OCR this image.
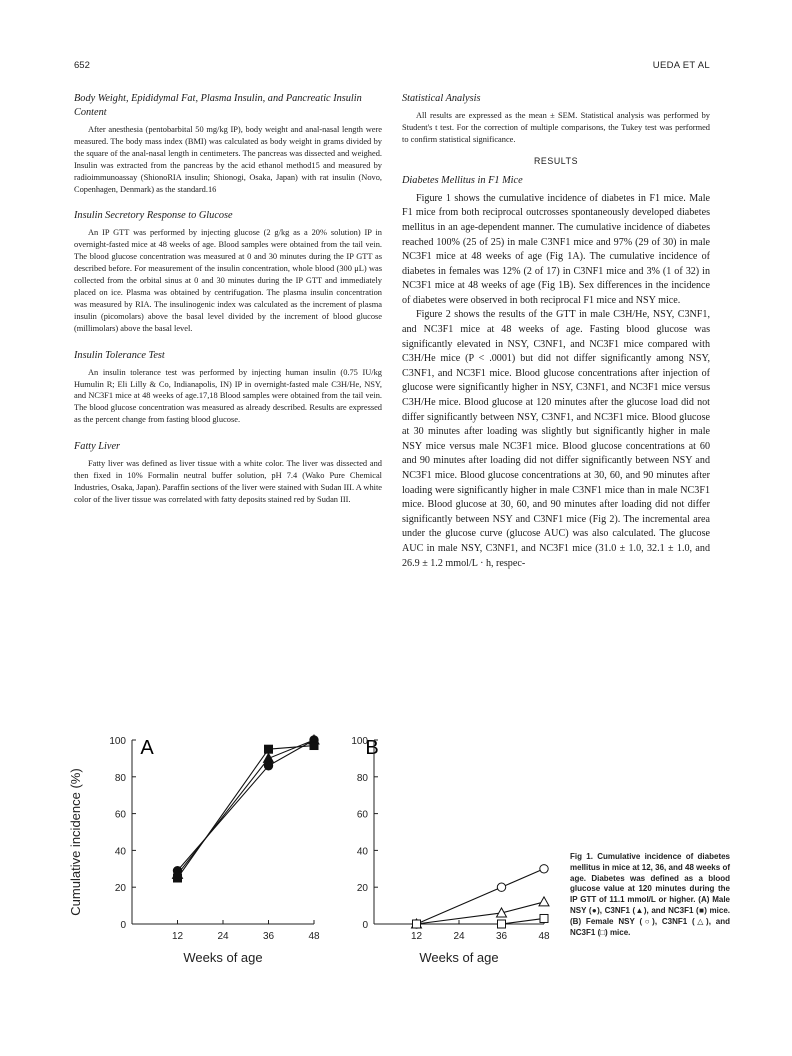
652	UEDA ET AL
Body Weight, Epididymal Fat, Plasma Insulin, and Pancreatic Insulin Content

After anesthesia (pentobarbital 50 mg/kg IP), body weight and anal-nasal length were measured. The body mass index (BMI) was calculated as body weight in grams divided by the square of the anal-nasal length in centimeters. The pancreas was dissected and weighed. Insulin was extracted from the pancreas by the acid ethanol method15 and measured by radioimmunoassay (ShionoRIA insulin; Shionogi, Osaka, Japan) with rat insulin (Novo, Copenhagen, Denmark) as the standard.16

Insulin Secretory Response to Glucose

An IP GTT was performed by injecting glucose (2 g/kg as a 20% solution) IP in overnight-fasted mice at 48 weeks of age. Blood samples were obtained from the tail vein. The blood glucose concentration was measured at 0 and 30 minutes during the IP GTT as described before. For measurement of the insulin concentration, whole blood (300 μL) was collected from the orbital sinus at 0 and 30 minutes during the IP GTT and immediately placed on ice. Plasma was obtained by centrifugation. The plasma insulin concentration was measured by RIA. The insulinogenic index was calculated as the increment of plasma insulin (picomolars) above the basal level divided by the increment of blood glucose (millimolars) above the basal level.

Insulin Tolerance Test

An insulin tolerance test was performed by injecting human insulin (0.75 IU/kg Humulin R; Eli Lilly & Co, Indianapolis, IN) IP in overnight-fasted male C3H/He, NSY, and NC3F1 mice at 48 weeks of age.17,18 Blood samples were obtained from the tail vein. The blood glucose concentration was measured as already described. Results are expressed as the percent change from fasting blood glucose.

Fatty Liver

Fatty liver was defined as liver tissue with a white color. The liver was dissected and then fixed in 10% Formalin neutral buffer solution, pH 7.4 (Wako Pure Chemical Industries, Osaka, Japan). Paraffin sections of the liver were stained with Sudan III. A white color of the liver tissue was correlated with fatty deposits stained red by Sudan III.

Statistical Analysis

All results are expressed as the mean ± SEM. Statistical analysis was performed by Student's t test. For the correction of multiple comparisons, the Tukey test was performed to confirm statistical significance.

RESULTS
Diabetes Mellitus in F1 Mice

Figure 1 shows the cumulative incidence of diabetes in F1 mice. Male F1 mice from both reciprocal outcrosses spontaneously developed diabetes mellitus in an age-dependent manner. The cumulative incidence of diabetes reached 100% (25 of 25) in male C3NF1 mice and 97% (29 of 30) in male NC3F1 mice at 48 weeks of age (Fig 1A). The cumulative incidence of diabetes in females was 12% (2 of 17) in C3NF1 mice and 3% (1 of 32) in NC3F1 mice at 48 weeks of age (Fig 1B). Sex differences in the incidence of diabetes were observed in both reciprocal F1 mice and NSY mice.

Figure 2 shows the results of the GTT in male C3H/He, NSY, C3NF1, and NC3F1 mice at 48 weeks of age. Fasting blood glucose was significantly elevated in NSY, C3NF1, and NC3F1 mice compared with C3H/He mice (P < .0001) but did not differ significantly among NSY, C3NF1, and NC3F1 mice. Blood glucose concentrations after injection of glucose were significantly higher in NSY, C3NF1, and NC3F1 mice versus C3H/He mice. Blood glucose at 120 minutes after the glucose load did not differ significantly between NSY, C3NF1, and NC3F1 mice. Blood glucose at 30 minutes after loading was slightly but significantly higher in male NSY mice versus male NC3F1 mice. Blood glucose concentrations at 60 and 90 minutes after loading did not differ significantly between NSY and NC3F1 mice. Blood glucose concentrations at 30, 60, and 90 minutes after loading were significantly higher in male C3NF1 mice than in male NC3F1 mice. Blood glucose at 30, 60, and 90 minutes after loading did not differ significantly between NSY and C3NF1 mice (Fig 2). The incremental area under the glucose curve (glucose AUC) was also calculated. The glucose AUC in male NSY, C3NF1, and NC3F1 mice (31.0 ± 1.0, 32.1 ± 1.0, and 26.9 ± 1.2 mmol/L · h, respec-

A
0
20
40
60
80
100
12	24	36	48
Weeks of age
Cumulative incidence (%)
B
0
20
40
60
80
100
12	24	36	48
Weeks of age
Fig 1. Cumulative incidence of diabetes mellitus in mice at 12, 36, and 48 weeks of age. Diabetes was defined as a blood glucose value at 120 minutes during the IP GTT of 11.1 mmol/L or higher. (A) Male NSY (●), C3NF1 (▲), and NC3F1 (■) mice. (B) Female NSY (○), C3NF1 (△), and NC3F1 (□) mice.
